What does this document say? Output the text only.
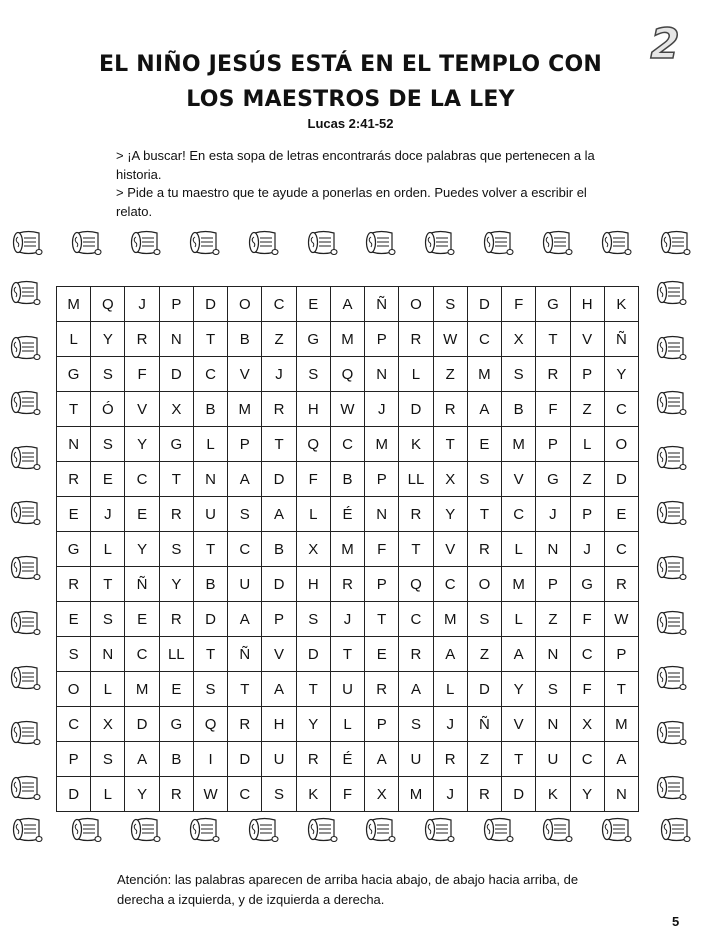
2
EL NIÑO JESÚS ESTÁ EN EL TEMPLO CON
LOS MAESTROS DE LA LEY
Lucas 2:41-52

> ¡A buscar! En esta sopa de letras encontrarás doce palabras que pertenecen a la historia.

> Pide a tu maestro que te ayude a ponerlas en orden. Puedes volver a escribir el relato.

M	Q	J	P	D	O	C	E	A	Ñ	O	S	D	F	G	H	K
L	Y	R	N	T	B	Z	G	M	P	R	W	C	X	T	V	Ñ
G	S	F	D	C	V	J	S	Q	N	L	Z	M	S	R	P	Y
T	Ó	V	X	B	M	R	H	W	J	D	R	A	B	F	Z	C
N	S	Y	G	L	P	T	Q	C	M	K	T	E	M	P	L	O
R	E	C	T	N	A	D	F	B	P	LL	X	S	V	G	Z	D
E	J	E	R	U	S	A	L	É	N	R	Y	T	C	J	P	E
G	L	Y	S	T	C	B	X	M	F	T	V	R	L	N	J	C
R	T	Ñ	Y	B	U	D	H	R	P	Q	C	O	M	P	G	R
E	S	E	R	D	A	P	S	J	T	C	M	S	L	Z	F	W
S	N	C	LL	T	Ñ	V	D	T	E	R	A	Z	A	N	C	P
O	L	M	E	S	T	A	T	U	R	A	L	D	Y	S	F	T
C	X	D	G	Q	R	H	Y	L	P	S	J	Ñ	V	N	X	M
P	S	A	B	I	D	U	R	É	A	U	R	Z	T	U	C	A
D	L	Y	R	W	C	S	K	F	X	M	J	R	D	K	Y	N
Atención: las palabras aparecen de arriba hacia abajo, de abajo hacia arriba, de derecha a izquierda, y de izquierda a derecha.
5
